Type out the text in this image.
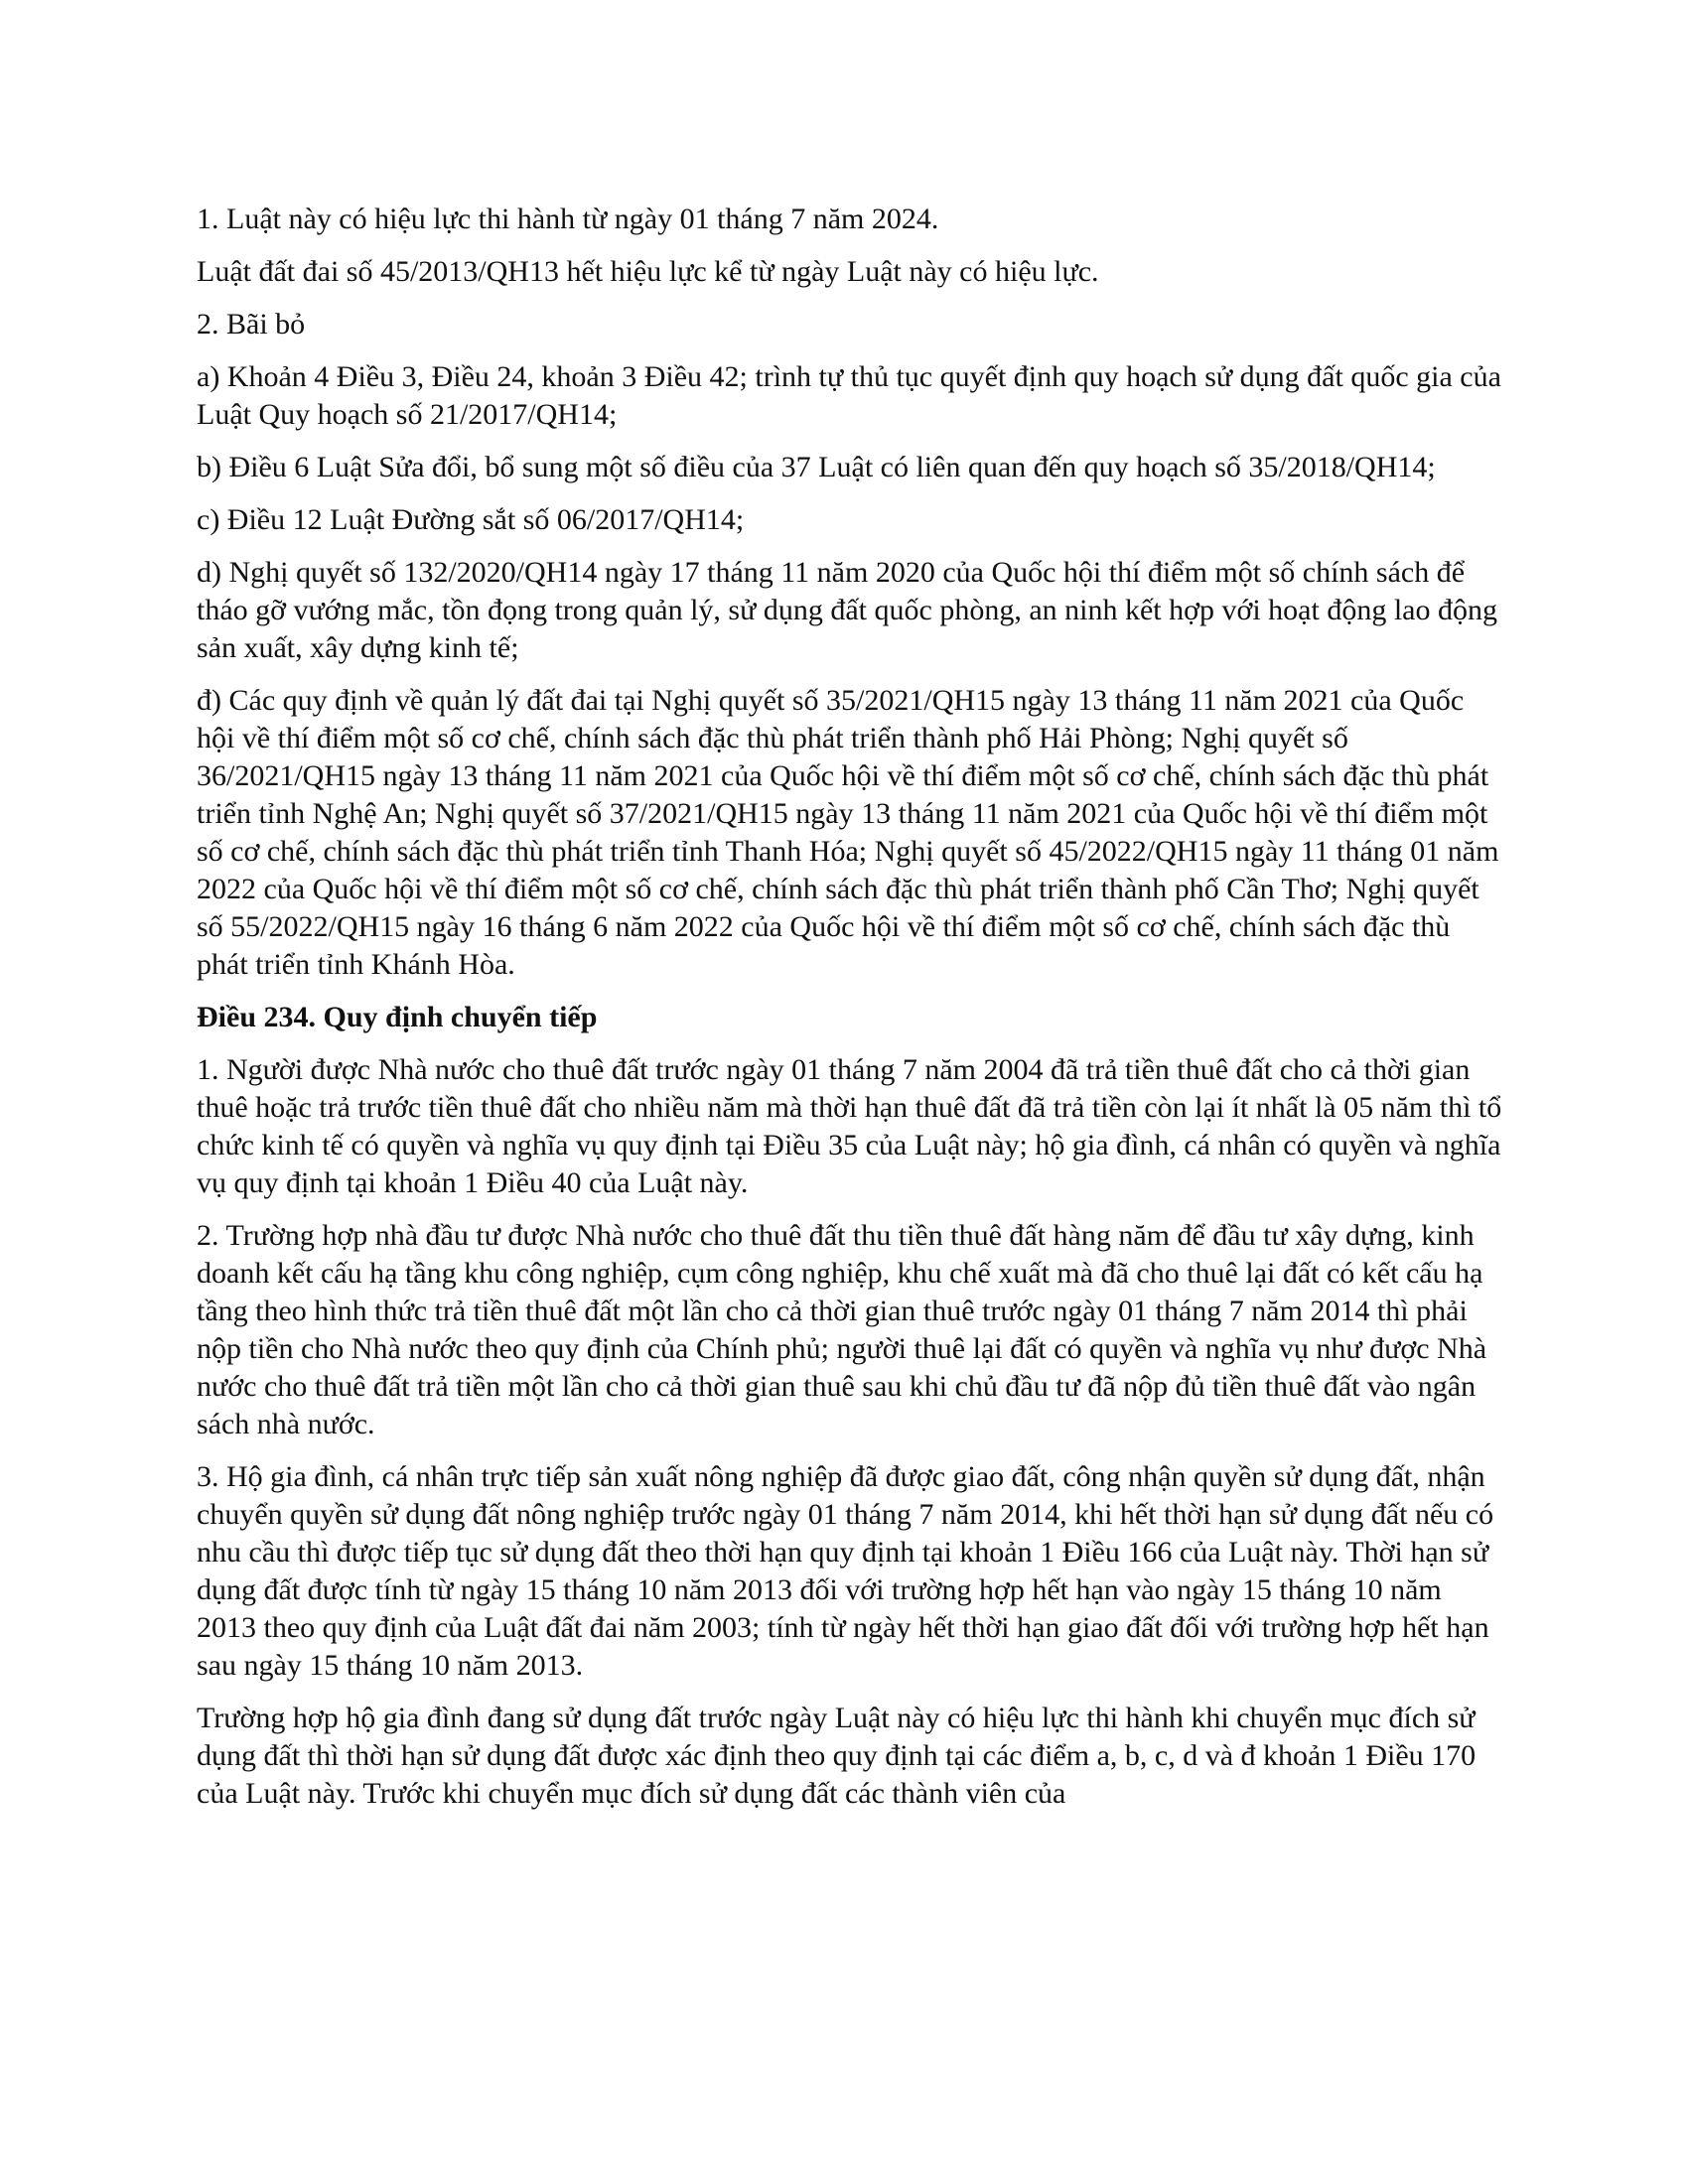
1. Luật này có hiệu lực thi hành từ ngày 01 tháng 7 năm 2024.

Luật đất đai số 45/2013/QH13 hết hiệu lực kể từ ngày Luật này có hiệu lực.

2. Bãi bỏ

a) Khoản 4 Điều 3, Điều 24, khoản 3 Điều 42; trình tự thủ tục quyết định quy hoạch sử dụng đất quốc gia của Luật Quy hoạch số 21/2017/QH14;

b) Điều 6 Luật Sửa đổi, bổ sung một số điều của 37 Luật có liên quan đến quy hoạch số 35/2018/QH14;

c) Điều 12 Luật Đường sắt số 06/2017/QH14;

d) Nghị quyết số 132/2020/QH14 ngày 17 tháng 11 năm 2020 của Quốc hội thí điểm một số chính sách để tháo gỡ vướng mắc, tồn đọng trong quản lý, sử dụng đất quốc phòng, an ninh kết hợp với hoạt động lao động sản xuất, xây dựng kinh tế;

đ) Các quy định về quản lý đất đai tại Nghị quyết số 35/2021/QH15 ngày 13 tháng 11 năm 2021 của Quốc hội về thí điểm một số cơ chế, chính sách đặc thù phát triển thành phố Hải Phòng; Nghị quyết số 36/2021/QH15 ngày 13 tháng 11 năm 2021 của Quốc hội về thí điểm một số cơ chế, chính sách đặc thù phát triển tỉnh Nghệ An; Nghị quyết số 37/2021/QH15 ngày 13 tháng 11 năm 2021 của Quốc hội về thí điểm một số cơ chế, chính sách đặc thù phát triển tỉnh Thanh Hóa; Nghị quyết số 45/2022/QH15 ngày 11 tháng 01 năm 2022 của Quốc hội về thí điểm một số cơ chế, chính sách đặc thù phát triển thành phố Cần Thơ; Nghị quyết số 55/2022/QH15 ngày 16 tháng 6 năm 2022 của Quốc hội về thí điểm một số cơ chế, chính sách đặc thù phát triển tỉnh Khánh Hòa.

Điều 234. Quy định chuyển tiếp

1. Người được Nhà nước cho thuê đất trước ngày 01 tháng 7 năm 2004 đã trả tiền thuê đất cho cả thời gian thuê hoặc trả trước tiền thuê đất cho nhiều năm mà thời hạn thuê đất đã trả tiền còn lại ít nhất là 05 năm thì tổ chức kinh tế có quyền và nghĩa vụ quy định tại Điều 35 của Luật này; hộ gia đình, cá nhân có quyền và nghĩa vụ quy định tại khoản 1 Điều 40 của Luật này.

2. Trường hợp nhà đầu tư được Nhà nước cho thuê đất thu tiền thuê đất hàng năm để đầu tư xây dựng, kinh doanh kết cấu hạ tầng khu công nghiệp, cụm công nghiệp, khu chế xuất mà đã cho thuê lại đất có kết cấu hạ tầng theo hình thức trả tiền thuê đất một lần cho cả thời gian thuê trước ngày 01 tháng 7 năm 2014 thì phải nộp tiền cho Nhà nước theo quy định của Chính phủ; người thuê lại đất có quyền và nghĩa vụ như được Nhà nước cho thuê đất trả tiền một lần cho cả thời gian thuê sau khi chủ đầu tư đã nộp đủ tiền thuê đất vào ngân sách nhà nước.

3. Hộ gia đình, cá nhân trực tiếp sản xuất nông nghiệp đã được giao đất, công nhận quyền sử dụng đất, nhận chuyển quyền sử dụng đất nông nghiệp trước ngày 01 tháng 7 năm 2014, khi hết thời hạn sử dụng đất nếu có nhu cầu thì được tiếp tục sử dụng đất theo thời hạn quy định tại khoản 1 Điều 166 của Luật này. Thời hạn sử dụng đất được tính từ ngày 15 tháng 10 năm 2013 đối với trường hợp hết hạn vào ngày 15 tháng 10 năm 2013 theo quy định của Luật đất đai năm 2003; tính từ ngày hết thời hạn giao đất đối với trường hợp hết hạn sau ngày 15 tháng 10 năm 2013.

Trường hợp hộ gia đình đang sử dụng đất trước ngày Luật này có hiệu lực thi hành khi chuyển mục đích sử dụng đất thì thời hạn sử dụng đất được xác định theo quy định tại các điểm a, b, c, d và đ khoản 1 Điều 170 của Luật này. Trước khi chuyển mục đích sử dụng đất các thành viên của
